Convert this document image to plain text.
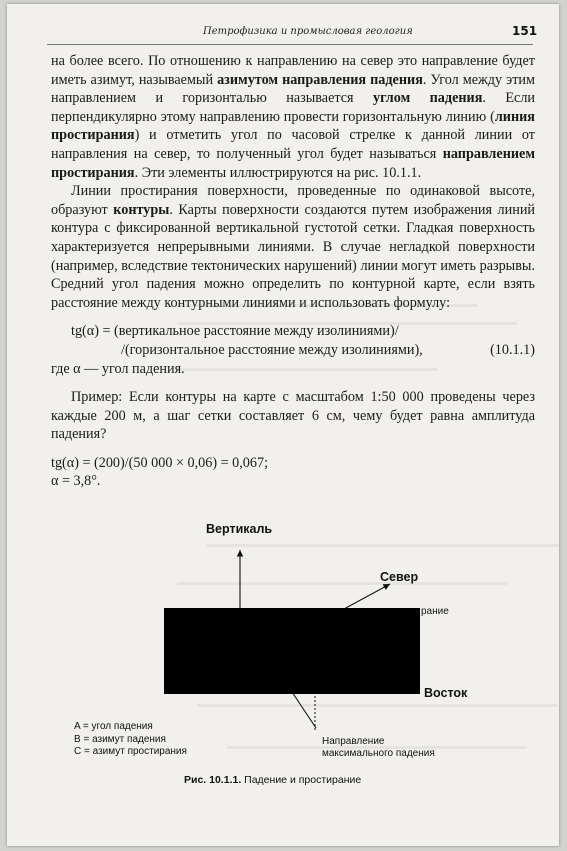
Петрофизика и промысловая геология	151

на более всего. По отношению к направлению на север это направление будет иметь азимут, называемый азимутом направления падения. Угол между этим направлением и горизонталью называется углом падения. Если перпендикулярно этому направлению провести горизонтальную линию (линия простирания) и отметить угол по часовой стрелке к данной линии от направления на север, то полученный угол будет называться направлением простирания. Эти элементы иллюстрируются на рис. 10.1.1.

Линии простирания поверхности, проведенные по одинаковой высоте, образуют контуры. Карты поверхности создаются путем изображения линий контура с фиксированной вертикальной густотой сетки. Гладкая поверхность характеризуется непрерывными линиями. В случае негладкой поверхности (например, вследствие тектонических нарушений) линии могут иметь разрывы. Средний угол падения можно определить по контурной карте, если взять расстояние между контурными линиями и использовать формулу:

tg(α) = (вертикальное расстояние между изолиниями)/
/(горизонтальное расстояние между изолиниями),	(10.1.1)

где α — угол падения.

Пример: Если контуры на карте с масштабом 1:50 000 проведены через каждые 200 м, а шаг сетки составляет 6 см, чему будет равна амплитуда падения?

tg(α) = (200)/(50 000 × 0,06) = 0,067;

α = 3,8°.

Вертикаль
Север
рание
Восток
Направление
максимального падения
A = угол падения
B = азимут падения
C = азимут простирания
Рис. 10.1.1. Падение и простирание
